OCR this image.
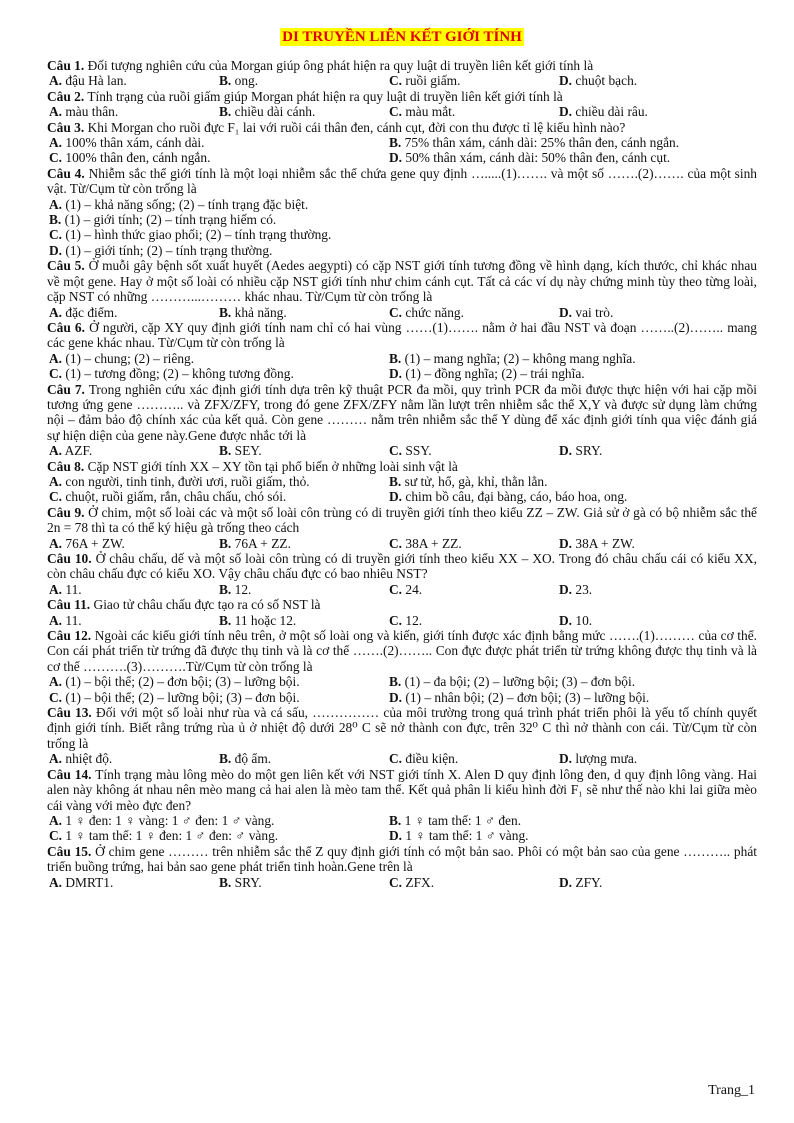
DI TRUYỀN LIÊN KẾT GIỚI TÍNH

Câu 1. Đối tượng nghiên cứu của Morgan giúp ông phát hiện ra quy luật di truyền liên kết giới tính là

A. đậu Hà lan.	B. ong.	C. ruồi giấm.	D. chuột bạch.

Câu 2. Tính trạng của ruồi giấm giúp Morgan phát hiện ra quy luật di truyền liên kết giới tính là

A. màu thân.	B. chiều dài cánh.	C. màu mắt.	D. chiều dài râu.

Câu 3. Khi Morgan cho ruồi đực F₁ lai với ruồi cái thân đen, cánh cụt, đời con thu được tỉ lệ kiểu hình nào?

A. 100% thân xám, cánh dài.	B. 75% thân xám, cánh dài: 25% thân đen, cánh ngắn.
C. 100% thân đen, cánh ngắn.	D. 50% thân xám, cánh dài: 50% thân đen, cánh cụt.

Câu 4. Nhiễm sắc thể giới tính là một loại nhiễm sắc thể chứa gene quy định ….....(1)……. và một số …….(2)……. của một sinh vật. Từ/Cụm từ còn trống là

A. (1) – khả năng sống; (2) – tính trạng đặc biệt.
B. (1) – giới tính; (2) – tính trạng hiếm có.
C. (1) – hình thức giao phối; (2) – tính trạng thường.
D. (1) – giới tính; (2) – tính trạng thường.

Câu 5. Ở muỗi gây bệnh sốt xuất huyết (Aedes aegypti) có cặp NST giới tính tương đồng về hình dạng, kích thước, chỉ khác nhau về một gene. Hay ở một số loài có nhiều cặp NST giới tính như chim cánh cụt. Tất cả các ví dụ này chứng minh tùy theo từng loài, cặp NST có những ………...……… khác nhau. Từ/Cụm từ còn trống là

A. đặc điểm.	B. khả năng.	C. chức năng.	D. vai trò.

Câu 6. Ở người, cặp XY quy định giới tính nam chỉ có hai vùng ……(1)……. nằm ở hai đầu NST và đoạn ……..(2)…….. mang các gene khác nhau. Từ/Cụm từ còn trống là

A. (1) – chung; (2) – riêng.	B. (1) – mang nghĩa; (2) – không mang nghĩa.
C. (1) – tương đồng; (2) – không tương đồng.	D. (1) – đồng nghĩa; (2) – trái nghĩa.

Câu 7. Trong nghiên cứu xác định giới tính dựa trên kỹ thuật PCR đa mồi, quy trình PCR đa mồi được thực hiện với hai cặp mồi tương ứng gene ……….. và ZFX/ZFY, trong đó gene ZFX/ZFY nằm lần lượt trên nhiễm sắc thể X,Y và được sử dụng làm chứng nội – đảm bảo độ chính xác của kết quả. Còn gene ……… nằm trên nhiễm sắc thể Y dùng để xác định giới tính qua việc đánh giá sự hiện diện của gene này.Gene được nhắc tới là

A. AZF.	B. SEY.	C. SSY.	D. SRY.

Câu 8. Cặp NST giới tính XX – XY tồn tại phổ biến ở những loài sinh vật là

A. con người, tinh tinh, đười ươi, ruồi giấm, thỏ.	B. sư tử, hổ, gà, khỉ, thằn lằn.
C. chuột, ruồi giấm, rắn, châu chấu, chó sói.	D. chim bồ câu, đại bàng, cáo, báo hoa, ong.

Câu 9. Ở chim, một số loài các và một số loài côn trùng có di truyền giới tính theo kiểu ZZ – ZW. Giả sử ở gà có bộ nhiễm sắc thể 2n = 78 thì ta có thể ký hiệu gà trống theo cách

A. 76A + ZW.	B. 76A + ZZ.	C. 38A + ZZ.	D. 38A + ZW.

Câu 10. Ở châu chấu, dế và một số loài côn trùng có di truyền giới tính theo kiểu XX – XO. Trong đó châu chấu cái có kiểu XX, còn châu chấu đực có kiểu XO. Vậy châu chấu đực có bao nhiêu NST?

A. 11.	B. 12.	C. 24.	D. 23.

Câu 11. Giao tử châu chấu đực tạo ra có số NST là

A. 11.	B. 11 hoặc 12.	C. 12.	D. 10.

Câu 12. Ngoài các kiểu giới tính nêu trên, ở một số loài ong và kiến, giới tính được xác định bằng mức …….(1)……… của cơ thể. Con cái phát triển từ trứng đã được thụ tinh và là cơ thể …….(2)…….. Con đực được phát triển từ trứng không được thụ tinh và là cơ thể ……….(3)……….Từ/Cụm từ còn trống là

A. (1) – bội thể; (2) – đơn bội; (3) – lưỡng bội.	B. (1) – đa bội; (2) – lưỡng bội; (3) – đơn bội.
C. (1) – bội thể; (2) – lưỡng bội; (3) – đơn bội.	D. (1) – nhân bội; (2) – đơn bội; (3) – lưỡng bội.

Câu 13. Đối với một số loài như rùa và cá sấu, …………… của môi trường trong quá trình phát triển phôi là yếu tố chính quyết định giới tính. Biết rằng trứng rùa ủ ở nhiệt độ dưới 28⁰ C sẽ nở thành con đực, trên 32⁰ C thì nở thành con cái. Từ/Cụm từ còn trống là

A. nhiệt độ.	B. độ ẩm.	C. điều kiện.	D. lượng mưa.

Câu 14. Tính trạng màu lông mèo do một gen liên kết với NST giới tính X. Alen D quy định lông đen, d quy định lông vàng. Hai alen này không át nhau nên mèo mang cả hai alen là mèo tam thể. Kết quả phân li kiểu hình đời F₁ sẽ như thế nào khi lai giữa mèo cái vàng với mèo đực đen?

A. 1 ♀ đen: 1 ♀ vàng: 1 ♂ đen: 1 ♂ vàng.	B. 1 ♀ tam thể: 1 ♂ đen.
C. 1 ♀ tam thể: 1 ♀ đen: 1 ♂ đen: ♂ vàng.	D. 1 ♀ tam thể: 1 ♂ vàng.

Câu 15. Ở chim gene ……… trên nhiễm sắc thể Z quy định giới tính có một bản sao. Phôi có một bản sao của gene ……….. phát triển buồng trứng, hai bản sao gene phát triển tinh hoàn.Gene trên là

A. DMRT1.	B. SRY.	C. ZFX.	D. ZFY.
Trang_1
